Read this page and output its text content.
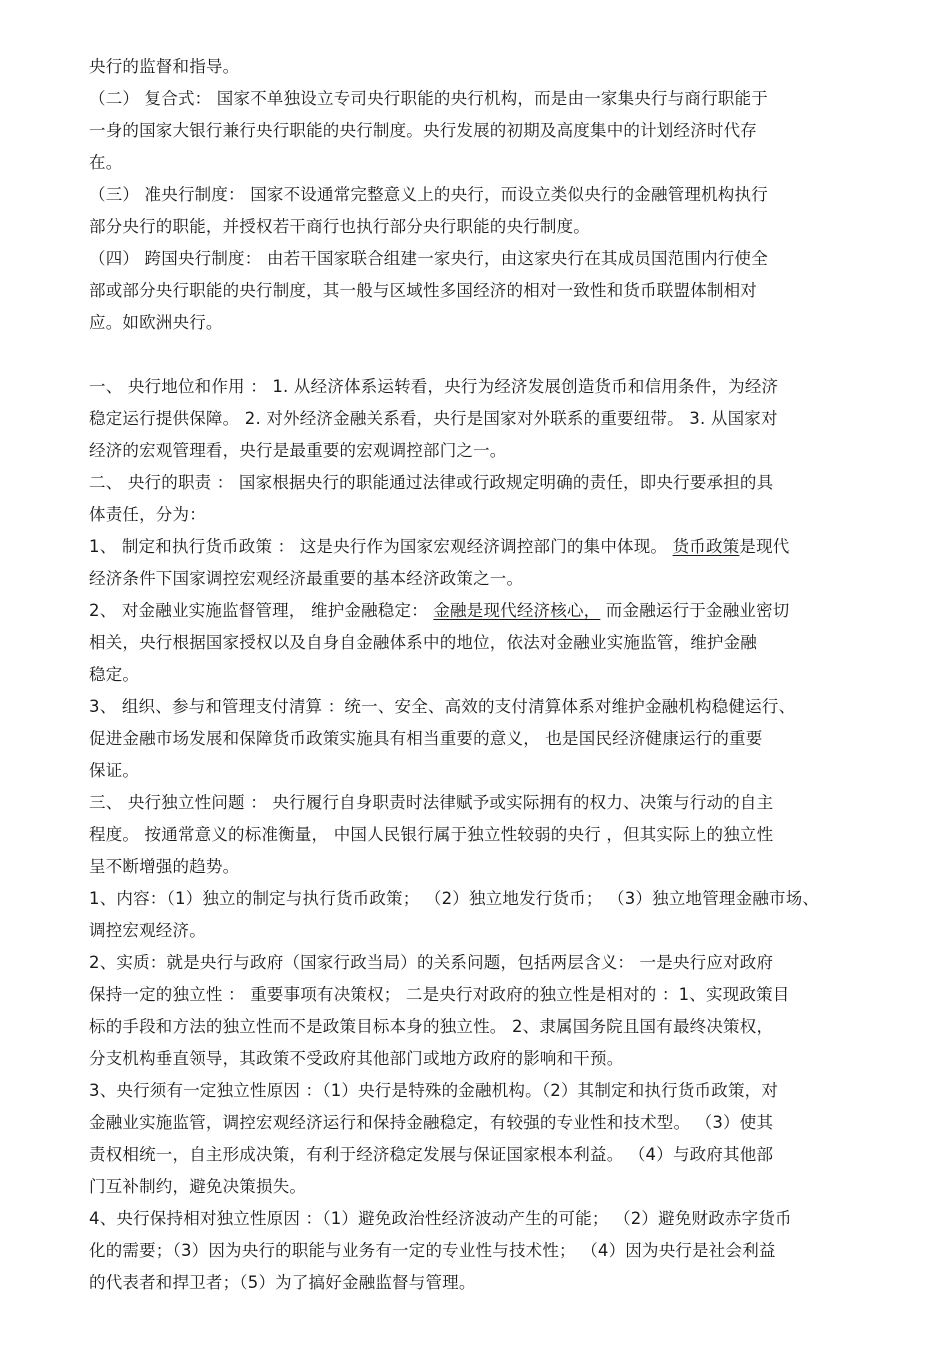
央行的监督和指导。
（二） 复合式： 国家不单独设立专司央行职能的央行机构，而是由一家集央行与商行职能于
一身的国家大银行兼行央行职能的央行制度。央行发展的初期及高度集中的计划经济时代存
在。
（三） 准央行制度： 国家不设通常完整意义上的央行，而设立类似央行的金融管理机构执行
部分央行的职能，并授权若干商行也执行部分央行职能的央行制度。
（四） 跨国央行制度： 由若干国家联合组建一家央行，由这家央行在其成员国范围内行使全
部或部分央行职能的央行制度，其一般与区域性多国经济的相对一致性和货币联盟体制相对
应。如欧洲央行。
一、 央行地位和作用 ： 1. 从经济体系运转看，央行为经济发展创造货币和信用条件，为经济
稳定运行提供保障。 2. 对外经济金融关系看，央行是国家对外联系的重要纽带。 3. 从国家对
经济的宏观管理看，央行是最重要的宏观调控部门之一。
二、 央行的职责 ： 国家根据央行的职能通过法律或行政规定明确的责任，即央行要承担的具
体责任，分为：
1、 制定和执行货币政策 ： 这是央行作为国家宏观经济调控部门的集中体现。 货币政策是现代
经济条件下国家调控宏观经济最重要的基本经济政策之一。
2、 对金融业实施监督管理， 维护金融稳定： 金融是现代经济核心， 而金融运行于金融业密切
相关，央行根据国家授权以及自身自金融体系中的地位，依法对金融业实施监管，维护金融
稳定。
3、 组织、参与和管理支付清算 ：统一、安全、高效的支付清算体系对维护金融机构稳健运行、
促进金融市场发展和保障货币政策实施具有相当重要的意义， 也是国民经济健康运行的重要
保证。
三、 央行独立性问题 ： 央行履行自身职责时法律赋予或实际拥有的权力、决策与行动的自主
程度。 按通常意义的标准衡量， 中国人民银行属于独立性较弱的央行 ，但其实际上的独立性
呈不断增强的趋势。
1、内容：（1）独立的制定与执行货币政策； （2）独立地发行货币； （3）独立地管理金融市场、
调控宏观经济。
2、实质：就是央行与政府（国家行政当局）的关系问题，包括两层含义： 一是央行应对政府
保持一定的独立性 ： 重要事项有决策权； 二是央行对政府的独立性是相对的 ：1、实现政策目
标的手段和方法的独立性而不是政策目标本身的独立性。 2、隶属国务院且国有最终决策权，
分支机构垂直领导，其政策不受政府其他部门或地方政府的影响和干预。
3、央行须有一定独立性原因 ：（1）央行是特殊的金融机构。（2）其制定和执行货币政策，对
金融业实施监管，调控宏观经济运行和保持金融稳定，有较强的专业性和技术型。 （3）使其
责权相统一，自主形成决策，有利于经济稳定发展与保证国家根本利益。 （4）与政府其他部
门互补制约，避免决策损失。
4、央行保持相对独立性原因 ：（1）避免政治性经济波动产生的可能； （2）避免财政赤字货币
化的需要；（3）因为央行的职能与业务有一定的专业性与技术性； （4）因为央行是社会利益
的代表者和捍卫者；（5）为了搞好金融监督与管理。
